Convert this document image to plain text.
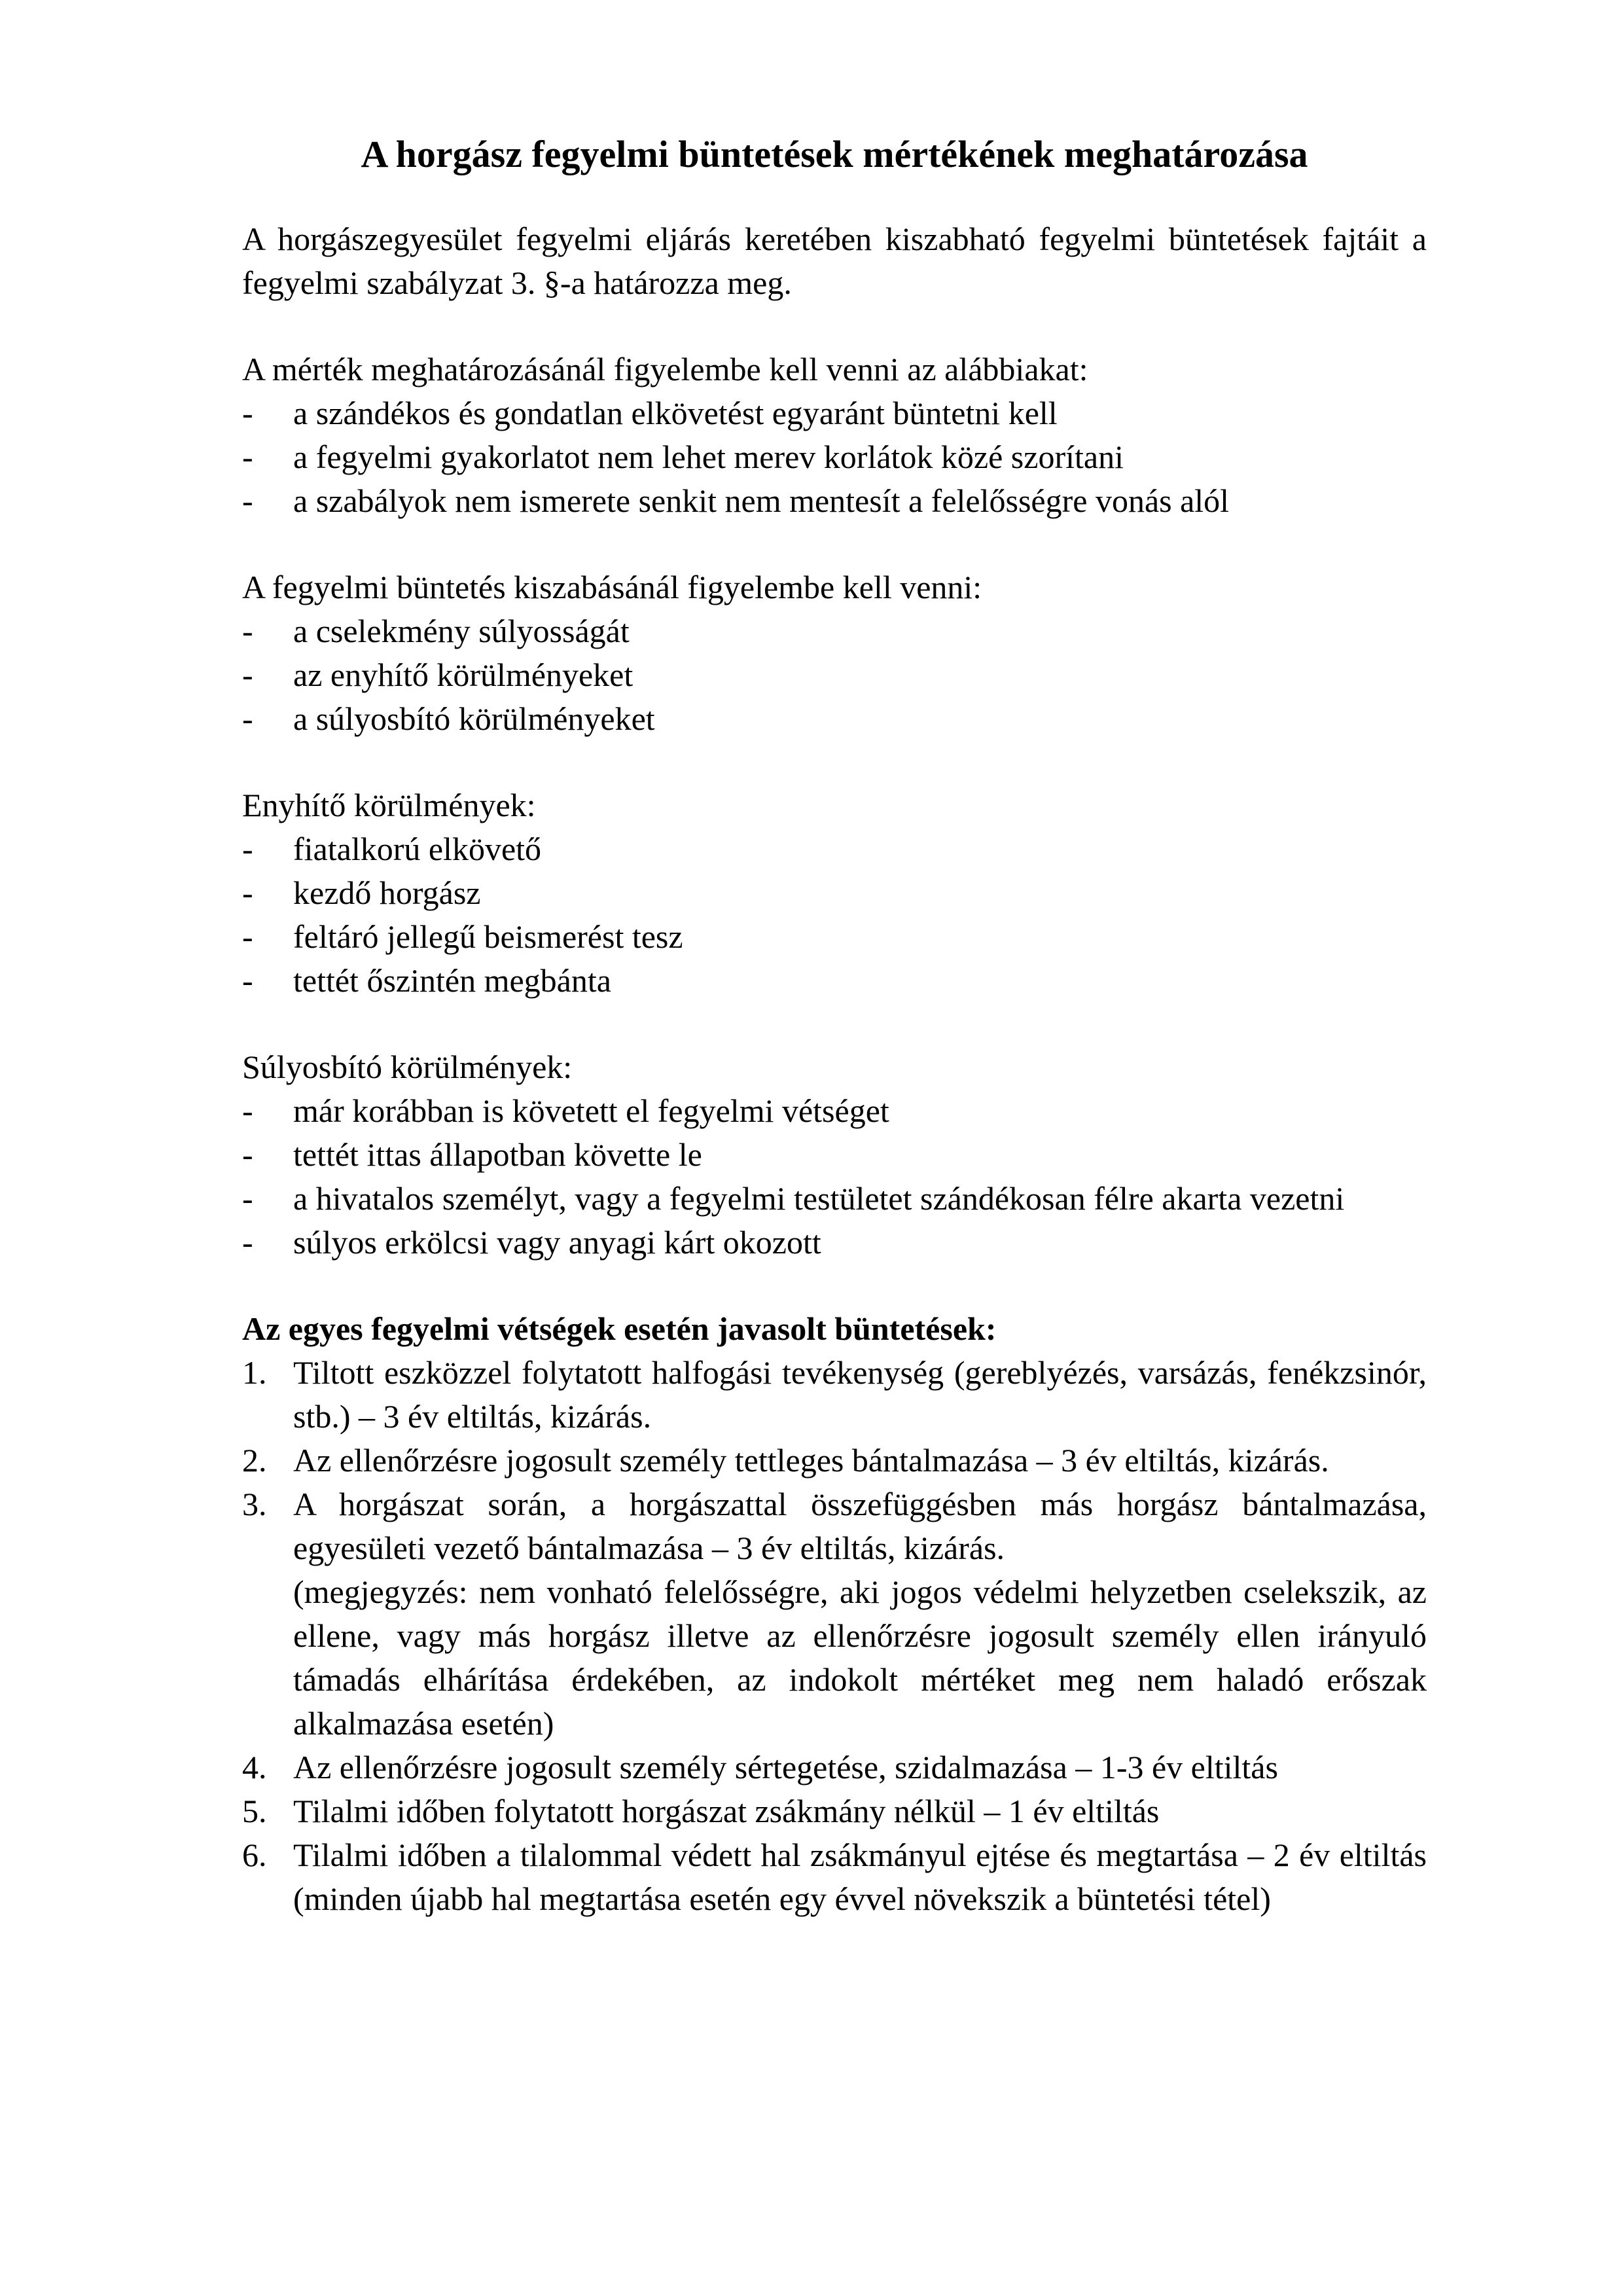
A horgász fegyelmi büntetések mértékének meghatározása

A horgászegyesület fegyelmi eljárás keretében kiszabható fegyelmi büntetések fajtáit a fegyelmi szabályzat 3. §-a határozza meg.

A mérték meghatározásánál figyelembe kell venni az alábbiakat:

-	a szándékos és gondatlan elkövetést egyaránt büntetni kell
-	a fegyelmi gyakorlatot nem lehet merev korlátok közé szorítani
-	a szabályok nem ismerete senkit nem mentesít a felelősségre vonás alól

A fegyelmi büntetés kiszabásánál figyelembe kell venni:

-	a cselekmény súlyosságát
-	az enyhítő körülményeket
-	a súlyosbító körülményeket

Enyhítő körülmények:

-	fiatalkorú elkövető
-	kezdő horgász
-	feltáró jellegű beismerést tesz
-	tettét őszintén megbánta

Súlyosbító körülmények:

-	már korábban is követett el fegyelmi vétséget
-	tettét ittas állapotban követte le
-	a hivatalos személyt, vagy a fegyelmi testületet szándékosan félre akarta vezetni
-	súlyos erkölcsi vagy anyagi kárt okozott

Az egyes fegyelmi vétségek esetén javasolt büntetések:

1. Tiltott eszközzel folytatott halfogási tevékenység (gereblyézés, varsázás, fenékzsinór, stb.) – 3 év eltiltás, kizárás.
2. Az ellenőrzésre jogosult személy tettleges bántalmazása – 3 év eltiltás, kizárás.
3. A horgászat során, a horgászattal összefüggésben más horgász bántalmazása, egyesületi vezető bántalmazása – 3 év eltiltás, kizárás.
(megjegyzés: nem vonható felelősségre, aki jogos védelmi helyzetben cselekszik, az ellene, vagy más horgász illetve az ellenőrzésre jogosult személy ellen irányuló támadás elhárítása érdekében, az indokolt mértéket meg nem haladó erőszak alkalmazása esetén)
4. Az ellenőrzésre jogosult személy sértegetése, szidalmazása – 1-3 év eltiltás
5. Tilalmi időben folytatott horgászat zsákmány nélkül – 1 év eltiltás
6. Tilalmi időben a tilalommal védett hal zsákmányul ejtése és megtartása – 2 év eltiltás (minden újabb hal megtartása esetén egy évvel növekszik a büntetési tétel)
